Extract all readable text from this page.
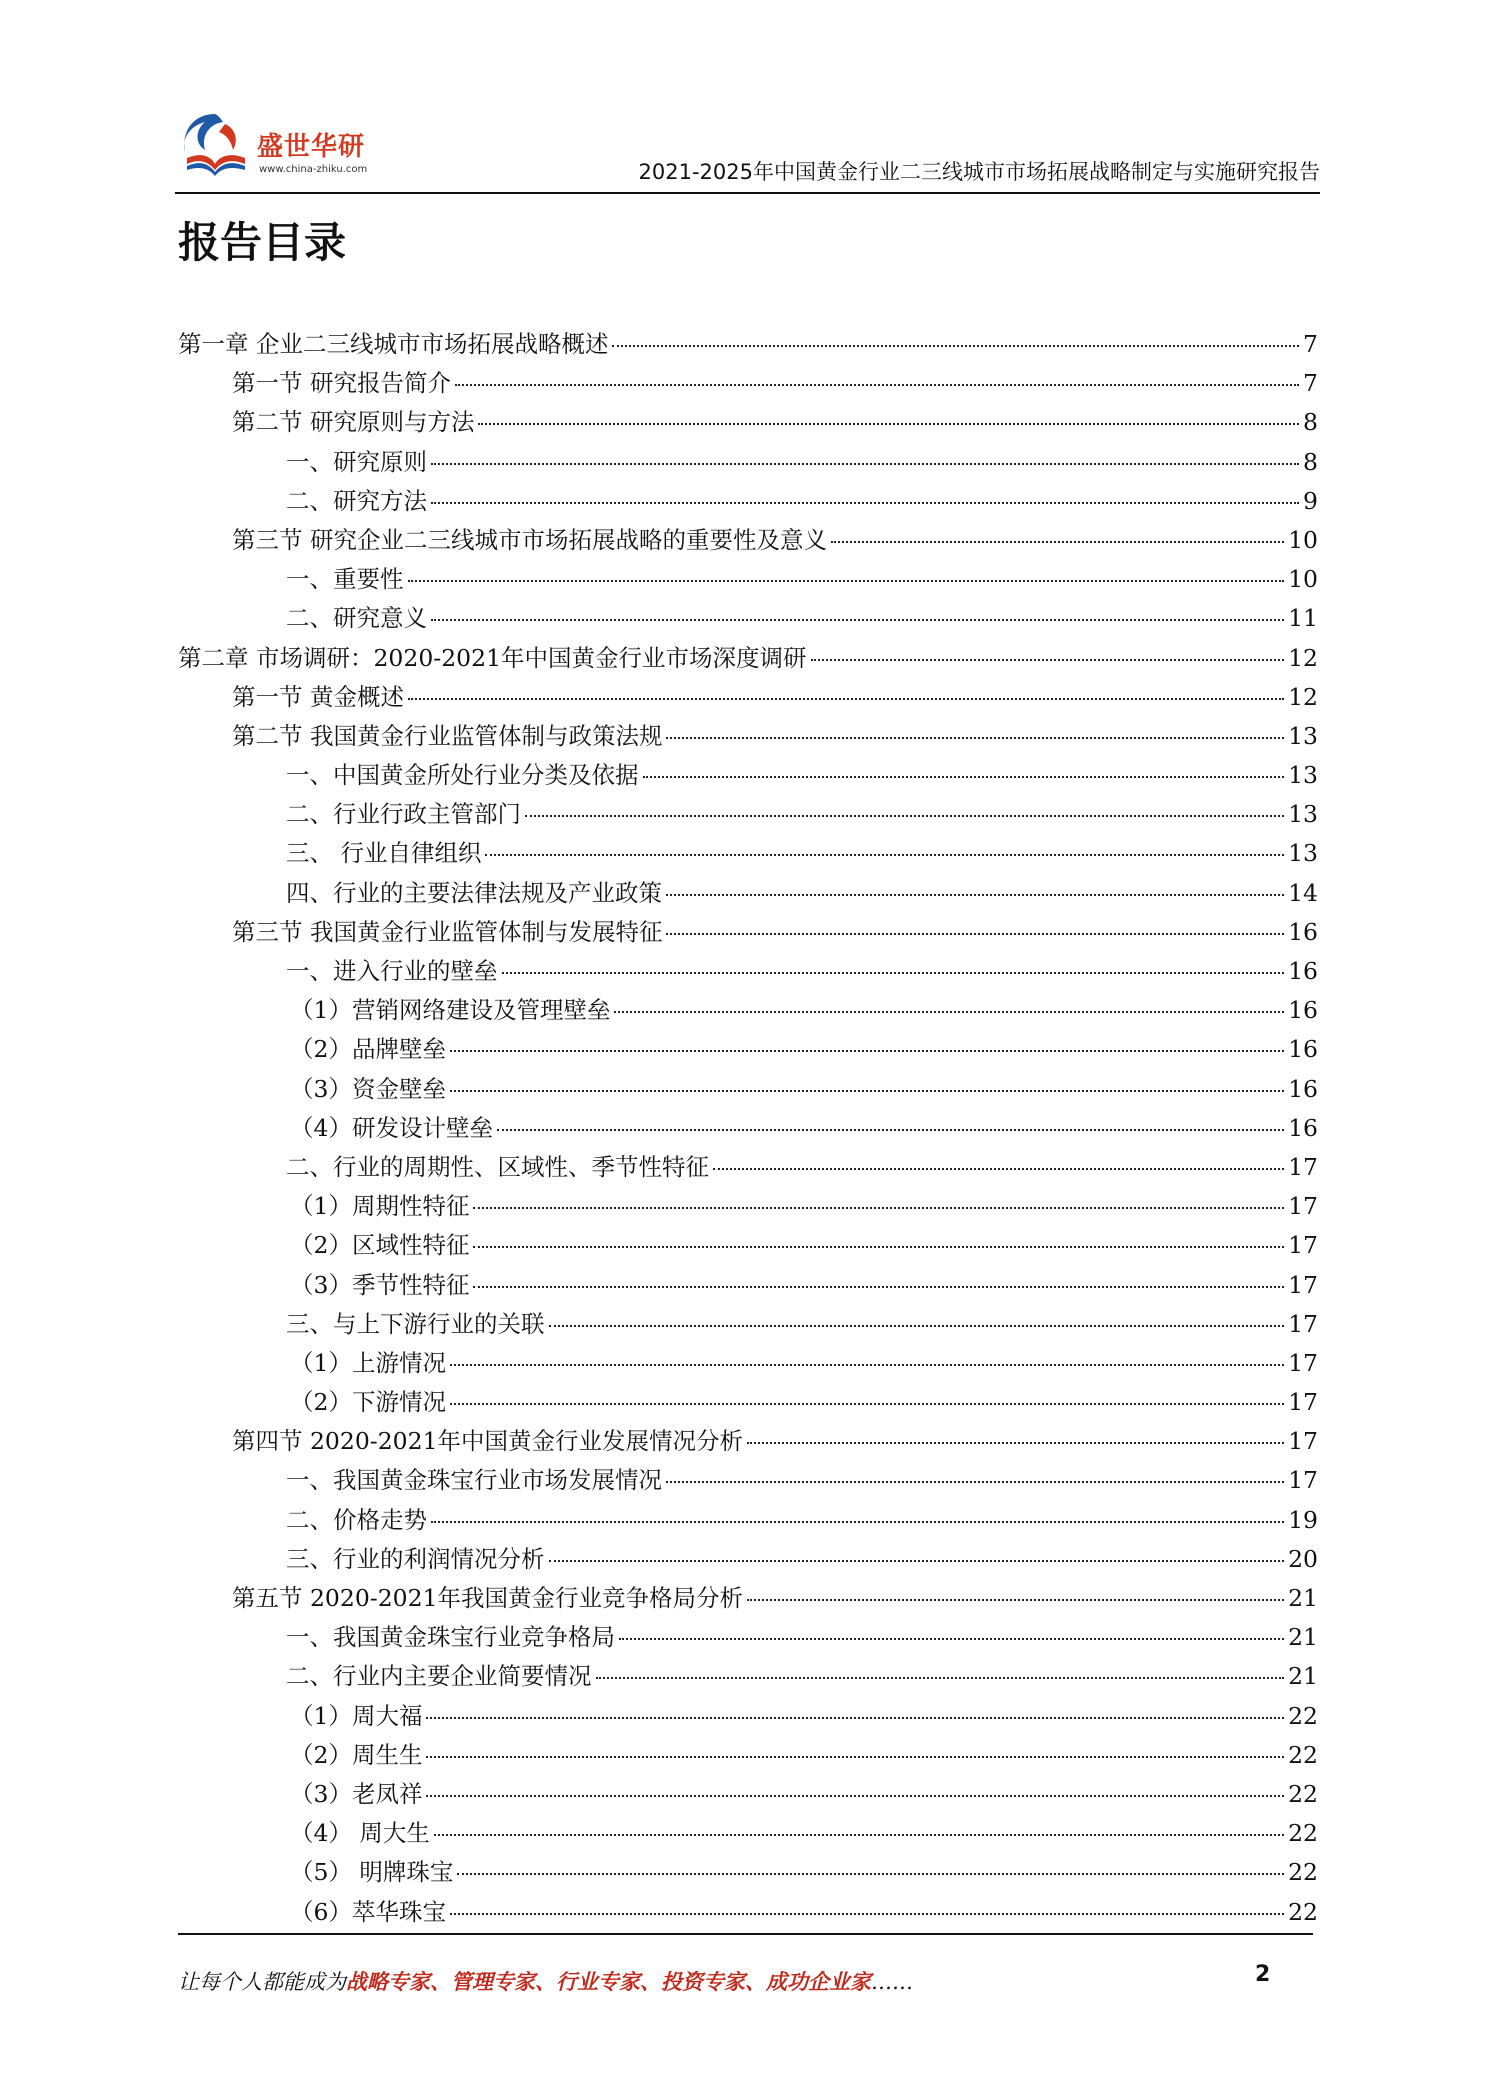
盛世华研
www.china-zhiku.com	2021-2025年中国黄金行业二三线城市市场拓展战略制定与实施研究报告
报告目录
第一章 企业二三线城市市场拓展战略概述	7
第一节 研究报告简介	7
第二节 研究原则与方法	8
一、研究原则	8
二、研究方法	9
第三节 研究企业二三线城市市场拓展战略的重要性及意义	10
一、重要性	10
二、研究意义	11
第二章 市场调研：2020-2021年中国黄金行业市场深度调研	12
第一节 黄金概述	12
第二节 我国黄金行业监管体制与政策法规	13
一、中国黄金所处行业分类及依据	13
二、行业行政主管部门	13
三、 行业自律组织	13
四、行业的主要法律法规及产业政策	14
第三节 我国黄金行业监管体制与发展特征	16
一、进入行业的壁垒	16
（1）营销网络建设及管理壁垒	16
（2）品牌壁垒	16
（3）资金壁垒	16
（4）研发设计壁垒	16
二、行业的周期性、区域性、季节性特征	17
（1）周期性特征	17
（2）区域性特征	17
（3）季节性特征	17
三、与上下游行业的关联	17
（1）上游情况	17
（2）下游情况	17
第四节 2020-2021年中国黄金行业发展情况分析	17
一、我国黄金珠宝行业市场发展情况	17
二、价格走势	19
三、行业的利润情况分析	20
第五节 2020-2021年我国黄金行业竞争格局分析	21
一、我国黄金珠宝行业竞争格局	21
二、行业内主要企业简要情况	21
（1）周大福	22
（2）周生生	22
（3）老凤祥	22
（4） 周大生	22
（5） 明牌珠宝	22
（6）萃华珠宝	22
让每个人都能成为战略专家、管理专家、行业专家、投资专家、成功企业家……	2
